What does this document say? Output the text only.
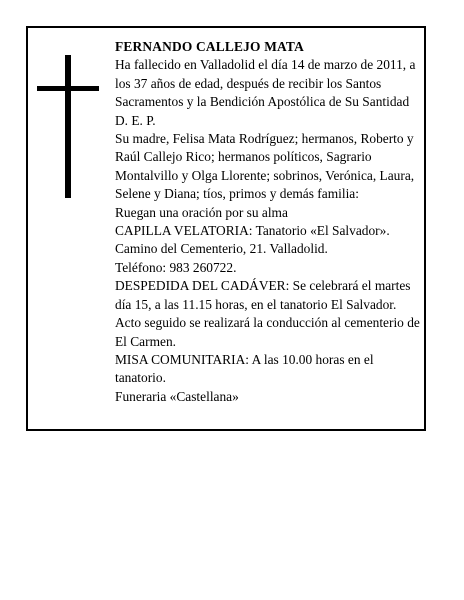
FERNANDO CALLEJO MATA

Ha fallecido en Valladolid el día 14 de marzo de 2011, a los 37 años de edad, después de recibir los Santos Sacramentos y la Bendición Apostólica de Su Santidad D. E. P.

Su madre, Felisa Mata Rodríguez; hermanos, Roberto y Raúl Callejo Rico; hermanos políticos, Sagrario Montalvillo y Olga Llorente; sobrinos, Verónica, Laura, Selene y Diana; tíos, primos y demás familia:

Ruegan una oración por su alma

CAPILLA VELATORIA: Tanatorio «El Salvador». Camino del Cementerio, 21. Valladolid.

Teléfono: 983 260722.

DESPEDIDA DEL CADÁVER: Se celebrará el martes día 15, a las 11.15 horas, en el tanatorio El Salvador. Acto seguido se realizará la conducción al cementerio de El Carmen.

MISA COMUNITARIA: A las 10.00 horas en el tanatorio.

Funeraria «Castellana»
